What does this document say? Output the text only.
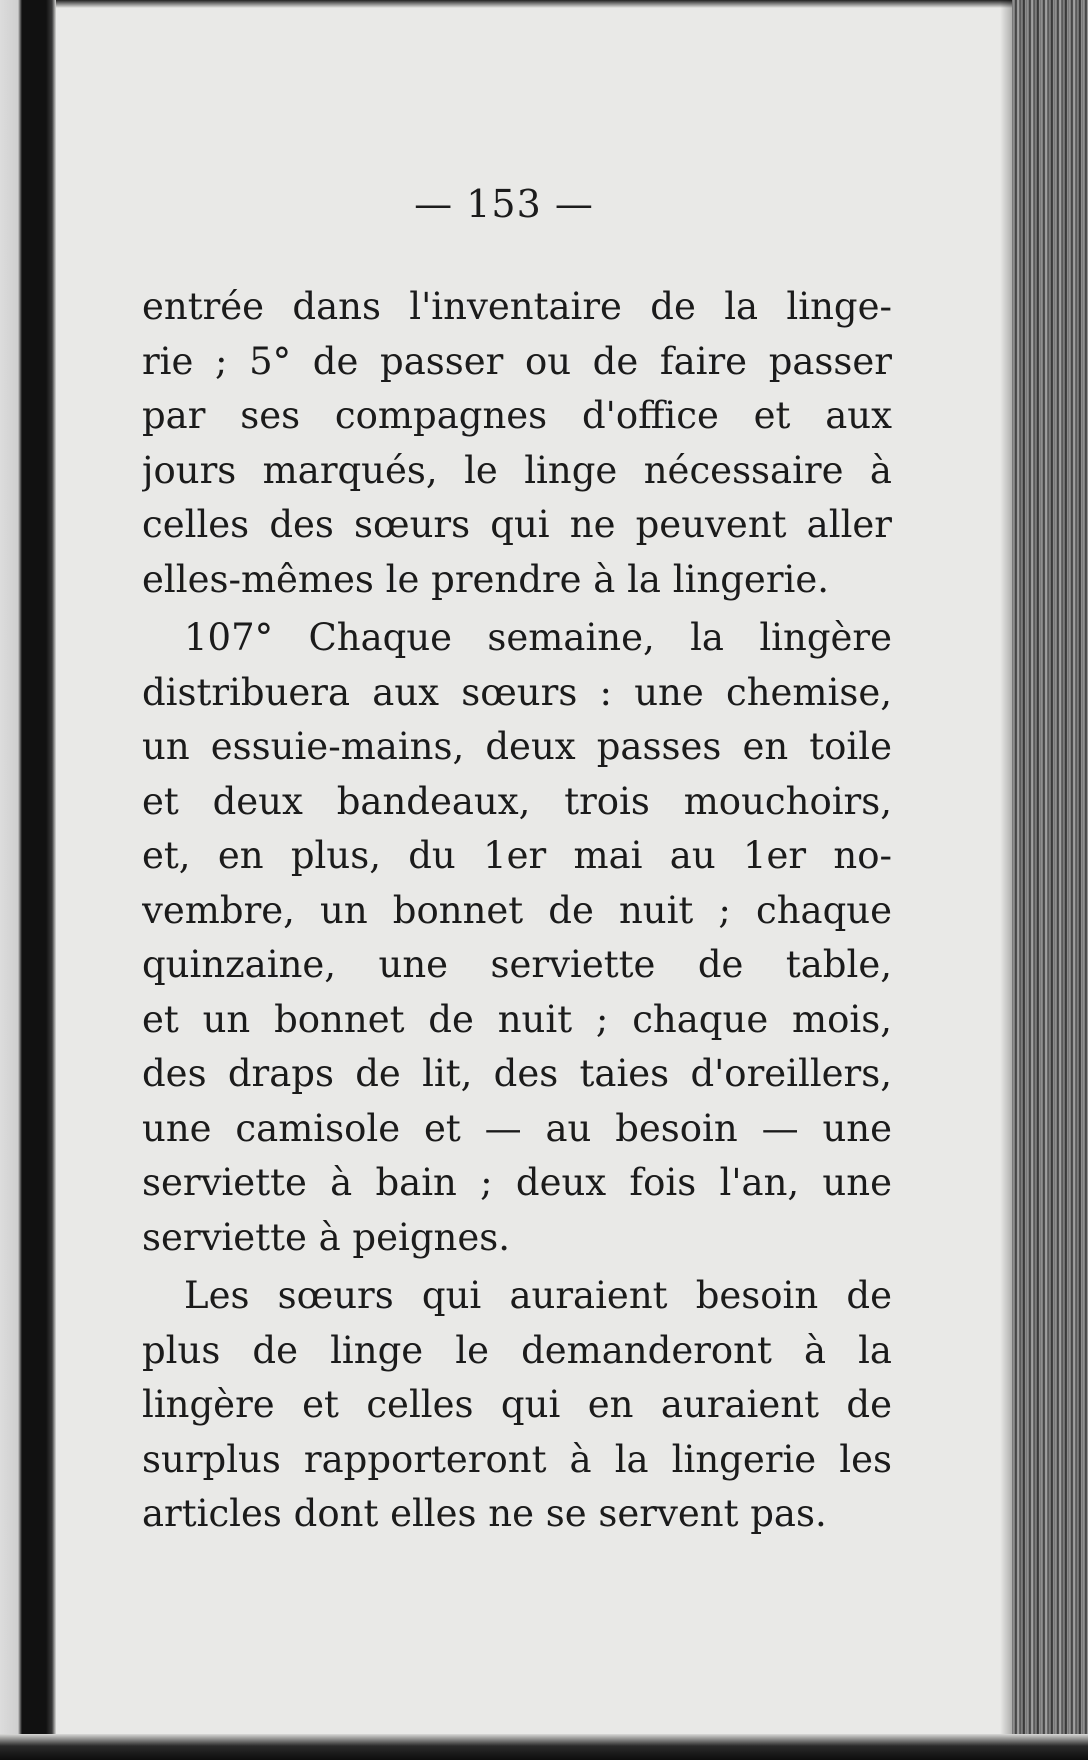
— 153 —
entrée dans l'inventaire de la linge-
rie ; 5° de passer ou de faire passer
par ses compagnes d'office et aux
jours marqués, le linge nécessaire à
celles des sœurs qui ne peuvent aller
elles-mêmes le prendre à la lingerie.
107° Chaque semaine, la lingère
distribuera aux sœurs : une chemise,
un essuie-mains, deux passes en toile
et deux bandeaux, trois mouchoirs,
et, en plus, du 1er mai au 1er no-
vembre, un bonnet de nuit ; chaque
quinzaine, une serviette de table,
et un bonnet de nuit ; chaque mois,
des draps de lit, des taies d'oreillers,
une camisole et — au besoin — une
serviette à bain ; deux fois l'an, une
serviette à peignes.
Les sœurs qui auraient besoin de
plus de linge le demanderont à la
lingère et celles qui en auraient de
surplus rapporteront à la lingerie les
articles dont elles ne se servent pas.
